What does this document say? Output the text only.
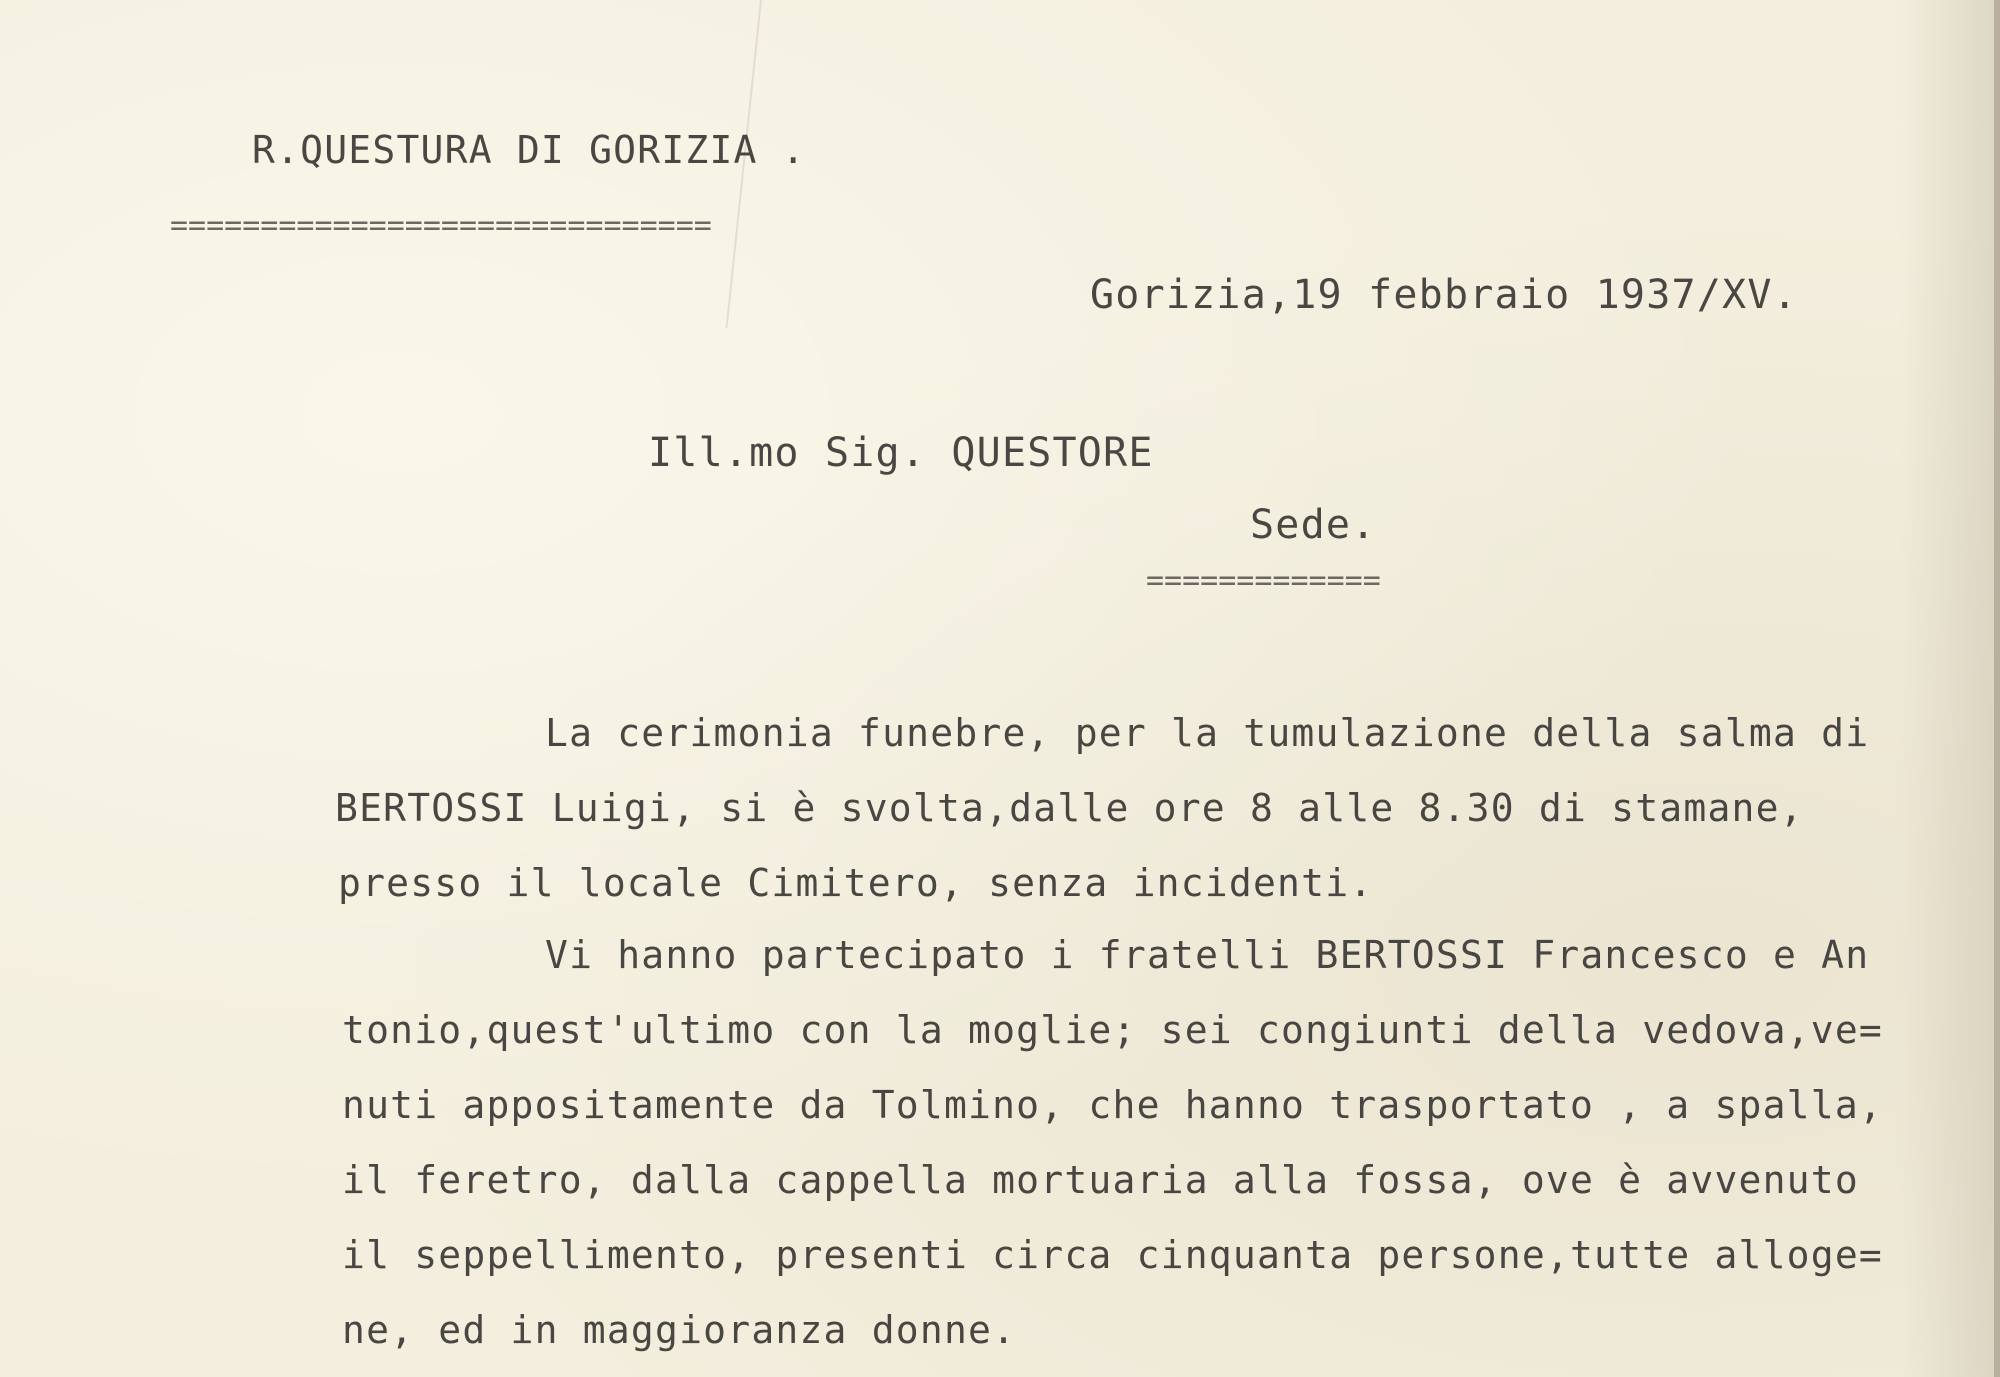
R.QUESTURA DI GORIZIA .
==============================
Gorizia,19 febbraio 1937/XV.
Ill.mo Sig. QUESTORE
Sede.
=============
La cerimonia funebre, per la tumulazione della salma di
BERTOSSI Luigi, si è svolta,dalle ore 8 alle 8.30 di stamane,
presso il locale Cimitero, senza incidenti.
Vi hanno partecipato i fratelli BERTOSSI Francesco e An
tonio,quest'ultimo con la moglie; sei congiunti della vedova,ve=
nuti appositamente da Tolmino, che hanno trasportato , a spalla,
il feretro, dalla cappella mortuaria alla fossa, ove è avvenuto
il seppellimento, presenti circa cinquanta persone,tutte alloge=
ne, ed in maggioranza donne.
